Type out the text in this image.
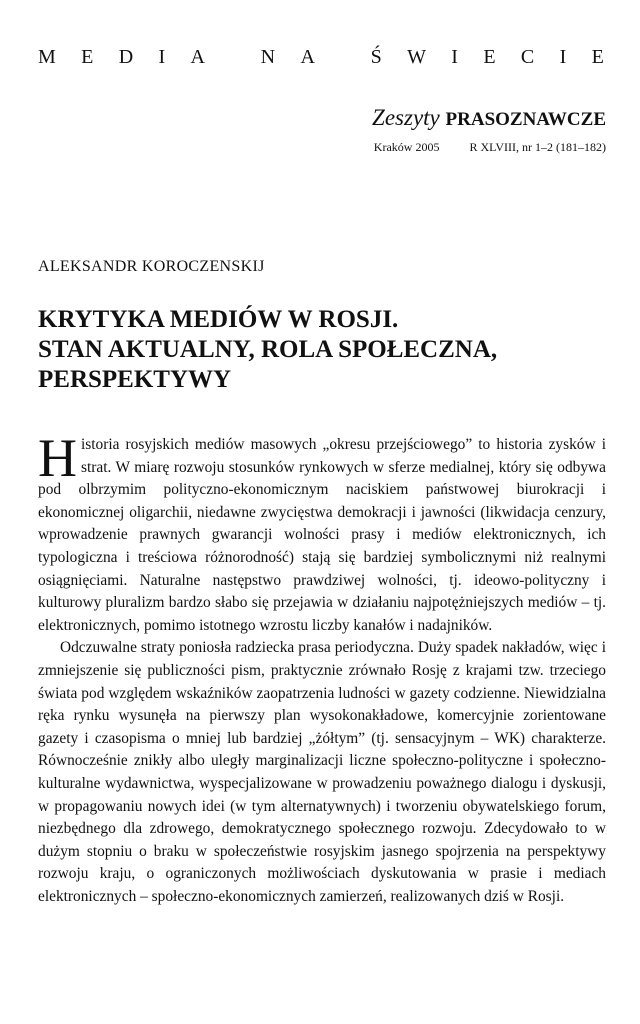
M E D I A
	N A
	Ś W I E C I E
Zeszyty PRASOZNAWCZE
Kraków 2005	R XLVIII, nr 1–2 (181–182)
ALEKSANDR KOROCZENSKIJ
KRYTYKA MEDIÓW W ROSJI.
STAN AKTUALNY, ROLA SPOŁECZNA,
PERSPEKTYWY

Historia rosyjskich mediów masowych „okresu przejściowego” to historia zysków i strat. W miarę rozwoju stosunków rynkowych w sferze medialnej, który się odbywa pod olbrzymim polityczno-ekonomicznym naciskiem państwowej biurokracji i ekonomicznej oligarchii, niedawne zwycięstwa demokracji i jawności (likwidacja cenzury, wprowadzenie prawnych gwarancji wolności prasy i mediów elektronicznych, ich typologiczna i treściowa różnorodność) stają się bardziej symbolicznymi niż realnymi osiągnięciami. Naturalne następstwo prawdziwej wolności, tj. ideowo-polityczny i kulturowy pluralizm bardzo słabo się przejawia w działaniu najpotężniejszych mediów – tj. elektronicznych, pomimo istotnego wzrostu liczby kanałów i nadajników.

Odczuwalne straty poniosła radziecka prasa periodyczna. Duży spadek nakładów, więc i zmniejszenie się publiczności pism, praktycznie zrównało Rosję z krajami tzw. trzeciego świata pod względem wskaźników zaopatrzenia ludności w gazety codzienne. Niewidzialna ręka rynku wysunęła na pierwszy plan wysokonakładowe, komercyjnie zorientowane gazety i czasopisma o mniej lub bardziej „żółtym” (tj. sensacyjnym – WK) charakterze. Równocześnie znikły albo uległy marginalizacji liczne społeczno-polityczne i społeczno-kulturalne wydawnictwa, wyspecjalizowane w prowadzeniu poważnego dialogu i dyskusji, w propagowaniu nowych idei (w tym alternatywnych) i tworzeniu obywatelskiego forum, niezbędnego dla zdrowego, demokratycznego społecznego rozwoju. Zdecydowało to w dużym stopniu o braku w społeczeństwie rosyjskim jasnego spojrzenia na perspektywy rozwoju kraju, o ograniczonych możliwościach dyskutowania w prasie i mediach elektronicznych – społeczno-ekonomicznych zamierzeń, realizowanych dziś w Rosji.
